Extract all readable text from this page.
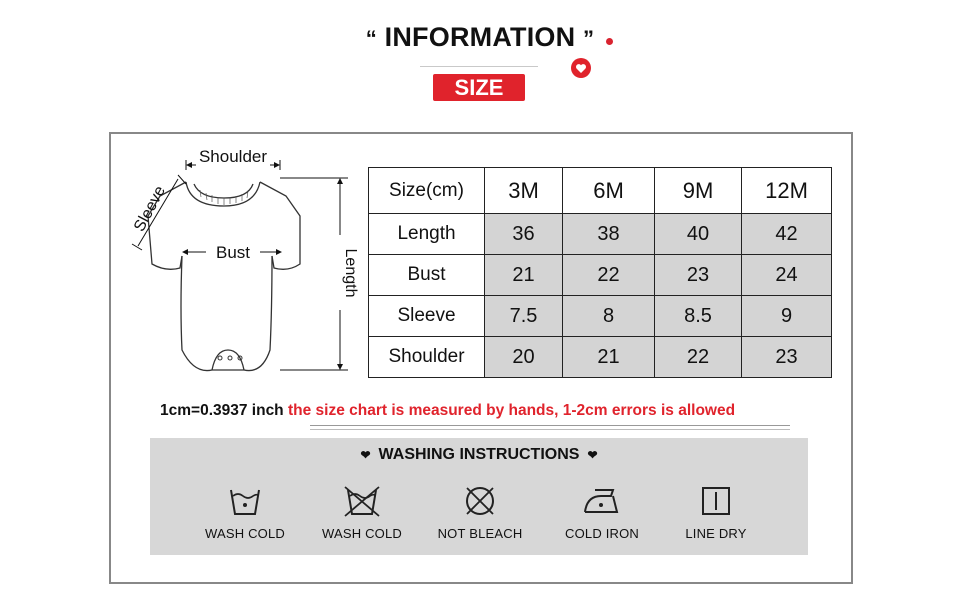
“ INFORMATION ”
SIZE
Shoulder
Sleeve
Bust	Length
Size(cm)	3M	6M	9M	12M
Length	36	38	40	42
Bust	21	22	23	24
Sleeve	7.5	8	8.5	9
Shoulder	20	21	22	23
1cm=0.3937 inch the size chart is measured by hands, 1-2cm errors is allowed
❤ WASHING INSTRUCTIONS ❤
WASH COLD	WASH COLD	NOT BLEACH	COLD IRON	LINE DRY
